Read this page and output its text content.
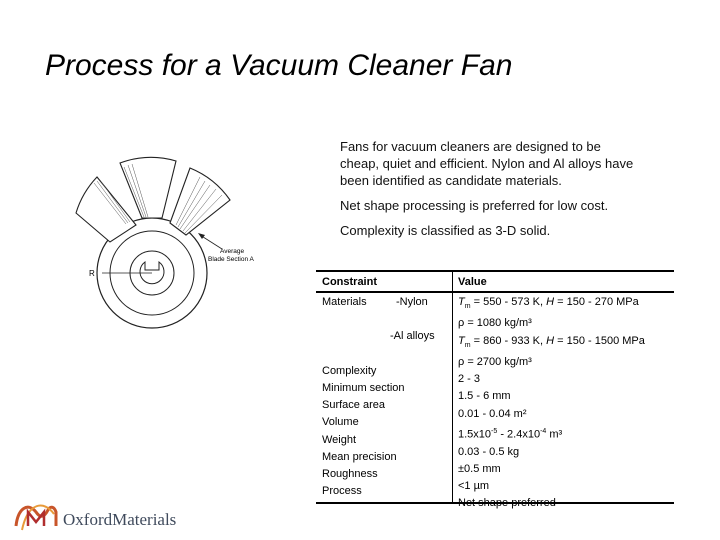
Process for a Vacuum Cleaner Fan
R
Average
Blade Section A
Fans for vacuum cleaners are designed to be cheap, quiet and efficient. Nylon and Al alloys have been identified as candidate materials.
Net shape processing is preferred for low cost.
Complexity is classified as 3-D solid.
Constraint	Value
Materials

Complexity
Minimum section
Surface area
Volume
Weight
Mean precision
Roughness
Process
-Nylon
-Al alloys
$T_m = 550 - 573$ K, H = 150 - 270 MPa
ρ = 1080 kg/m³
$T_m = 860 - 933$ K, H = 150 - 1500 MPa
ρ = 2700 kg/m³
2 - 3
1.5 - 6 mm
0.01 - 0.04 m²
$1.5x10^{-5} - 2.4x10^{-4}$ m³
0.03 - 0.5 kg
±0.5 mm
<1 µm
Net shape preferred
OxfordMaterials
